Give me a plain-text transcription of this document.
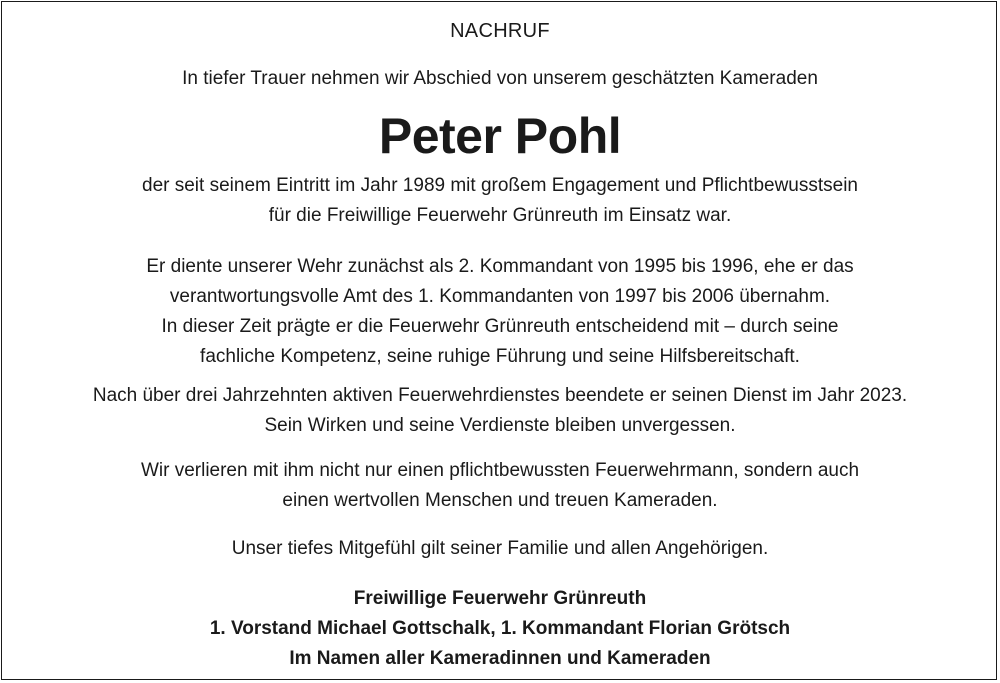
NACHRUF
In tiefer Trauer nehmen wir Abschied von unserem geschätzten Kameraden
Peter Pohl
der seit seinem Eintritt im Jahr 1989 mit großem Engagement und Pflichtbewusstsein
für die Freiwillige Feuerwehr Grünreuth im Einsatz war.
Er diente unserer Wehr zunächst als 2. Kommandant von 1995 bis 1996, ehe er das
verantwortungsvolle Amt des 1. Kommandanten von 1997 bis 2006 übernahm.
In dieser Zeit prägte er die Feuerwehr Grünreuth entscheidend mit – durch seine
fachliche Kompetenz, seine ruhige Führung und seine Hilfsbereitschaft.
Nach über drei Jahrzehnten aktiven Feuerwehrdienstes beendete er seinen Dienst im Jahr 2023.
Sein Wirken und seine Verdienste bleiben unvergessen.
Wir verlieren mit ihm nicht nur einen pflichtbewussten Feuerwehrmann, sondern auch
einen wertvollen Menschen und treuen Kameraden.
Unser tiefes Mitgefühl gilt seiner Familie und allen Angehörigen.
Freiwillige Feuerwehr Grünreuth
1. Vorstand Michael Gottschalk, 1. Kommandant Florian Grötsch
Im Namen aller Kameradinnen und Kameraden
